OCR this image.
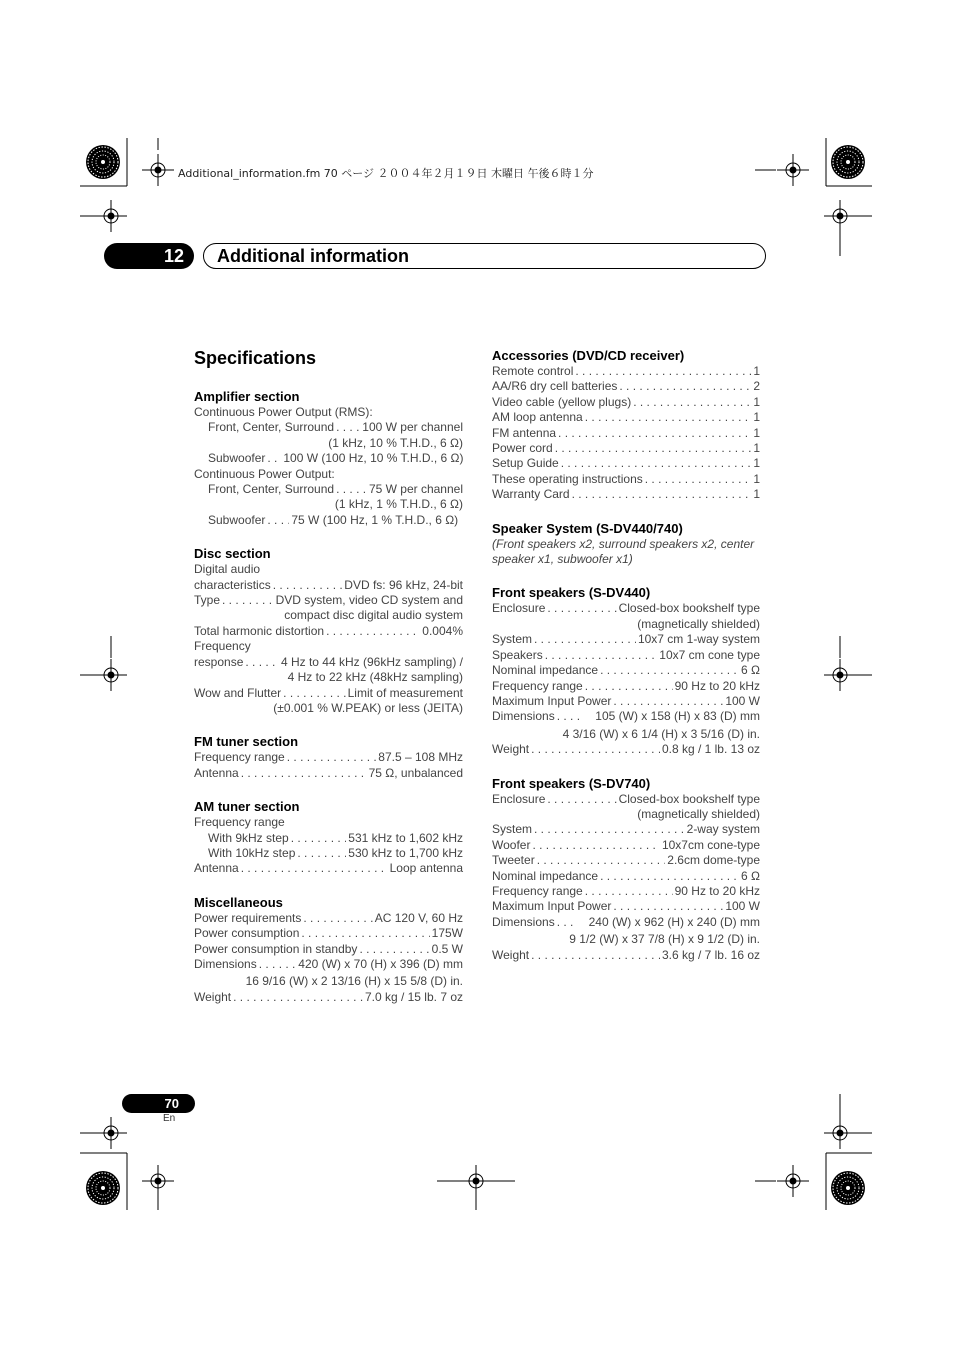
Additional_information.fm 70 ページ ２００４年２月１９日 木曜日 午後６時１分
12	Additional information
Specifications
Amplifier section
Continuous Power Output (RMS):
Front, Center, Surround . . . 100 W per channel
(1 kHz, 10 % T.H.D., 6 Ω)
Subwoofer . . . 100 W (100 Hz, 10 % T.H.D., 6 Ω)
Continuous Power Output:
Front, Center, Surround . . .	75 W per channel
(1 kHz, 1 % T.H.D., 6 Ω)
Subwoofer . . . 75 W (100 Hz, 1 % T.H.D., 6 Ω)
Disc section
Digital audio
characteristics . . .	DVD fs: 96 kHz, 24-bit
Type . . .	DVD system, video CD system and
compact disc digital audio system
Total harmonic distortion . . .	0.004%
Frequency
response . . .	4 Hz to 44 kHz (96kHz sampling) /
4 Hz to 22 kHz (48kHz sampling)
Wow and Flutter . . .	Limit of measurement
(±0.001 % W.PEAK) or less (JEITA)
FM tuner section
Frequency range . . .	87.5 – 108 MHz
Antenna . . .	75 Ω, unbalanced
AM tuner section
Frequency range
With 9kHz step . . .	531 kHz to 1,602 kHz
With 10kHz step . . .	530 kHz to 1,700 kHz
Antenna . . .	Loop antenna
Miscellaneous
Power requirements . . .	AC 120 V, 60 Hz
Power consumption . . .	175W
Power consumption in standby . . .	0.5 W
Dimensions . . .	420 (W) x 70 (H) x 396 (D) mm
16 9/16 (W) x 2 13/16 (H) x 15 5/8 (D) in.
Weight . . .	7.0 kg / 15 lb. 7 oz
Accessories (DVD/CD receiver)
Remote control . . .	1
AA/R6 dry cell batteries . . .	2
Video cable (yellow plugs) . . .	1
AM loop antenna . . .	1
FM antenna . . .	1
Power cord . . .	1
Setup Guide . . .	1
These operating instructions . . .	1
Warranty Card . . .	1
Speaker System (S-DV440/740)
(Front speakers x2, surround speakers x2, center
speaker x1, subwoofer x1)
Front speakers (S-DV440)
Enclosure . . .	Closed-box bookshelf type
(magnetically shielded)
System . . .	10x7 cm 1-way system
Speakers . . .	10x7 cm cone type
Nominal impedance . . .	6 Ω
Frequency range . . .	90 Hz to 20 kHz
Maximum Input Power . . .	100 W
Dimensions . . .	105 (W) x 158 (H) x 83 (D) mm
4 3/16 (W) x 6 1/4 (H) x 3 5/16 (D) in.
Weight . . .	0.8 kg / 1 lb. 13 oz
Front speakers (S-DV740)
Enclosure . . .	Closed-box bookshelf type
(magnetically shielded)
System . . .	2-way system
Woofer . . .	10x7cm cone-type
Tweeter . . .	2.6cm dome-type
Nominal impedance . . .	6 Ω
Frequency range . . .	90 Hz to 20 kHz
Maximum Input Power . . .	100 W
Dimensions . . .	240 (W) x 962 (H) x 240 (D) mm
9 1/2 (W) x 37 7/8 (H) x 9 1/2 (D) in.
Weight . . .	3.6 kg / 7 lb. 16 oz
70
En
